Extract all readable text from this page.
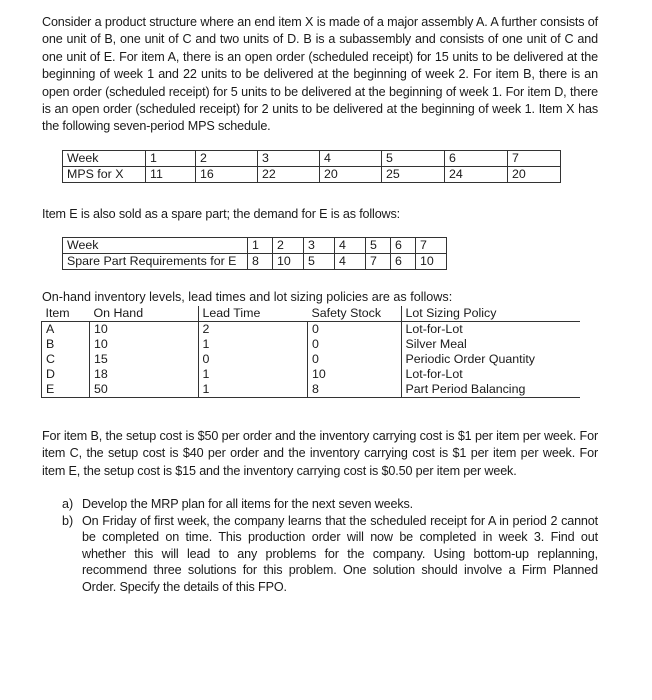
Consider a product structure where an end item X is made of a major assembly A. A further consists of one unit of B, one unit of C and two units of D. B is a subassembly and consists of one unit of C and one unit of E. For item A, there is an open order (scheduled receipt) for 15 units to be delivered at the beginning of week 1 and 22 units to be delivered at the beginning of week 2. For item B, there is an open order (scheduled receipt) for 5 units to be delivered at the beginning of week 1. For item D, there is an open order (scheduled receipt) for 2 units to be delivered at the beginning of week 1. Item X has the following seven-period MPS schedule.
Week	1	2	3	4	5	6	7
MPS for X	11	16	22	20	25	24	20
Item E is also sold as a spare part; the demand for E is as follows:
Week	1	2	3	4	5	6	7
Spare Part Requirements for E	8	10	5	4	7	6	10
On-hand inventory levels, lead times and lot sizing policies are as follows:
Item	On Hand	Lead Time	Safety Stock	Lot Sizing Policy
A	10	2	0	Lot-for-Lot
B	10	1	0	Silver Meal
C	15	0	0	Periodic Order Quantity
D	18	1	10	Lot-for-Lot
E	50	1	8	Part Period Balancing
For item B, the setup cost is $50 per order and the inventory carrying cost is $1 per item per week. For item C, the setup cost is $40 per order and the inventory carrying cost is $1 per item per week. For item E, the setup cost is $15 and the inventory carrying cost is $0.50 per item per week.
a) Develop the MRP plan for all items for the next seven weeks.
b) On Friday of first week, the company learns that the scheduled receipt for A in period 2 cannot be completed on time. This production order will now be completed in week 3. Find out whether this will lead to any problems for the company. Using bottom-up replanning, recommend three solutions for this problem. One solution should involve a Firm Planned Order. Specify the details of this FPO.
